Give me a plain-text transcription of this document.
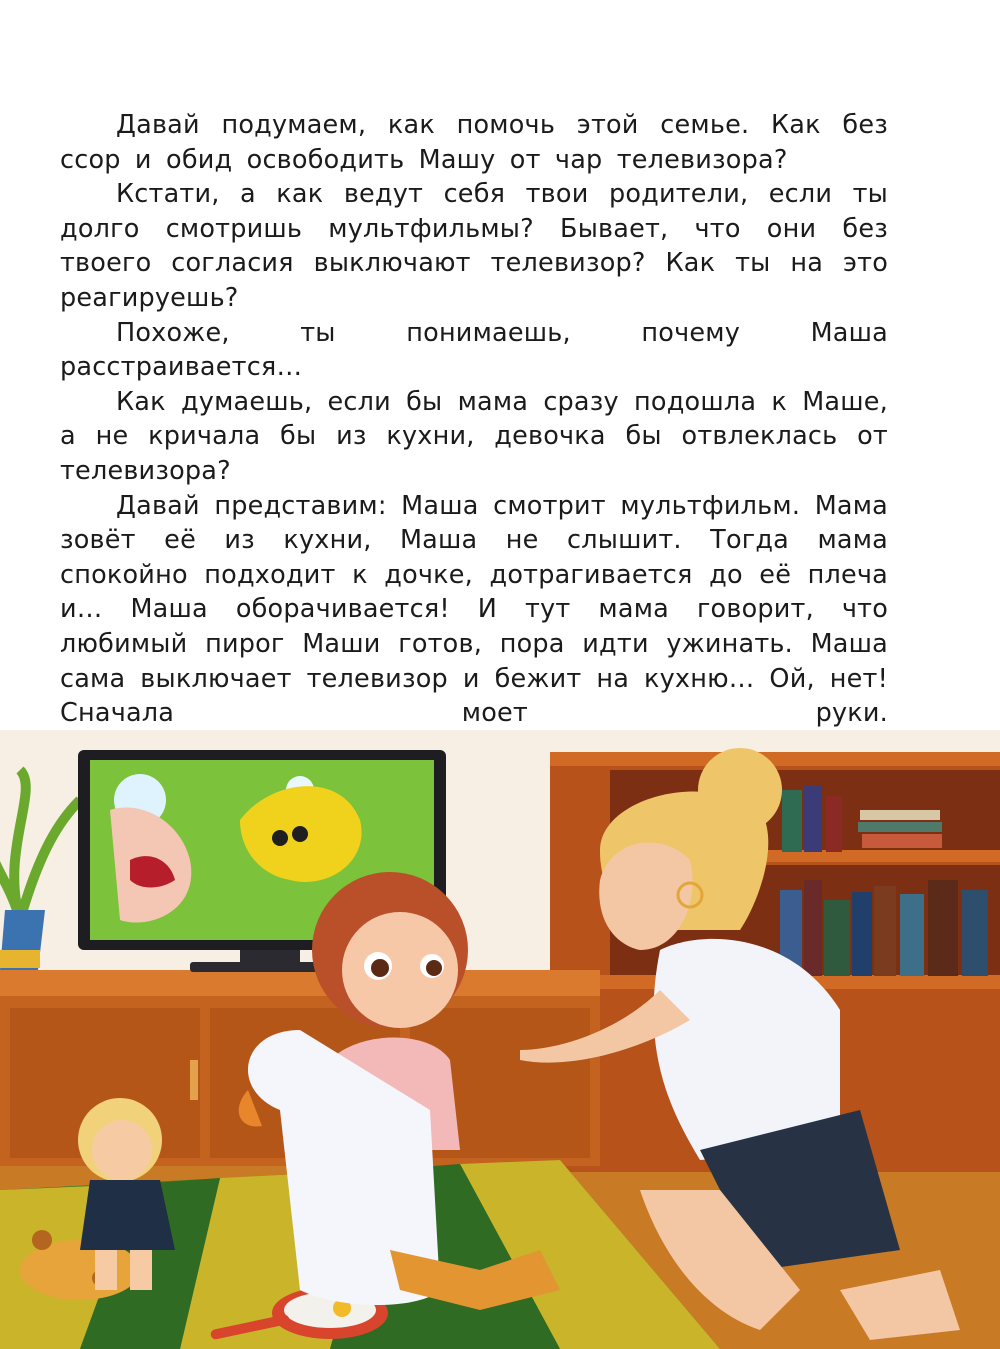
Давай подумаем, как помочь этой семье. Как без ссор и обид освободить Машу от чар телевизора?

Кстати, а как ведут себя твои родители, если ты долго смотришь мультфильмы? Бывает, что они без твоего согласия выключают телевизор? Как ты на это реагируешь?

Похоже, ты понимаешь, почему Маша расстраивается…

Как думаешь, если бы мама сразу подошла к Маше, а не кричала бы из кухни, девочка бы отвлеклась от телевизора?

Давай представим: Маша смотрит мультфильм. Мама зовёт её из кухни, Маша не слышит. Тогда мама спокойно подходит к дочке, дотрагивается до её плеча и… Маша оборачивается! И тут мама говорит, что любимый пирог Маши готов, пора идти ужинать. Маша сама выключает телевизор и бежит на кухню… Ой, нет! Сначала моет руки.
